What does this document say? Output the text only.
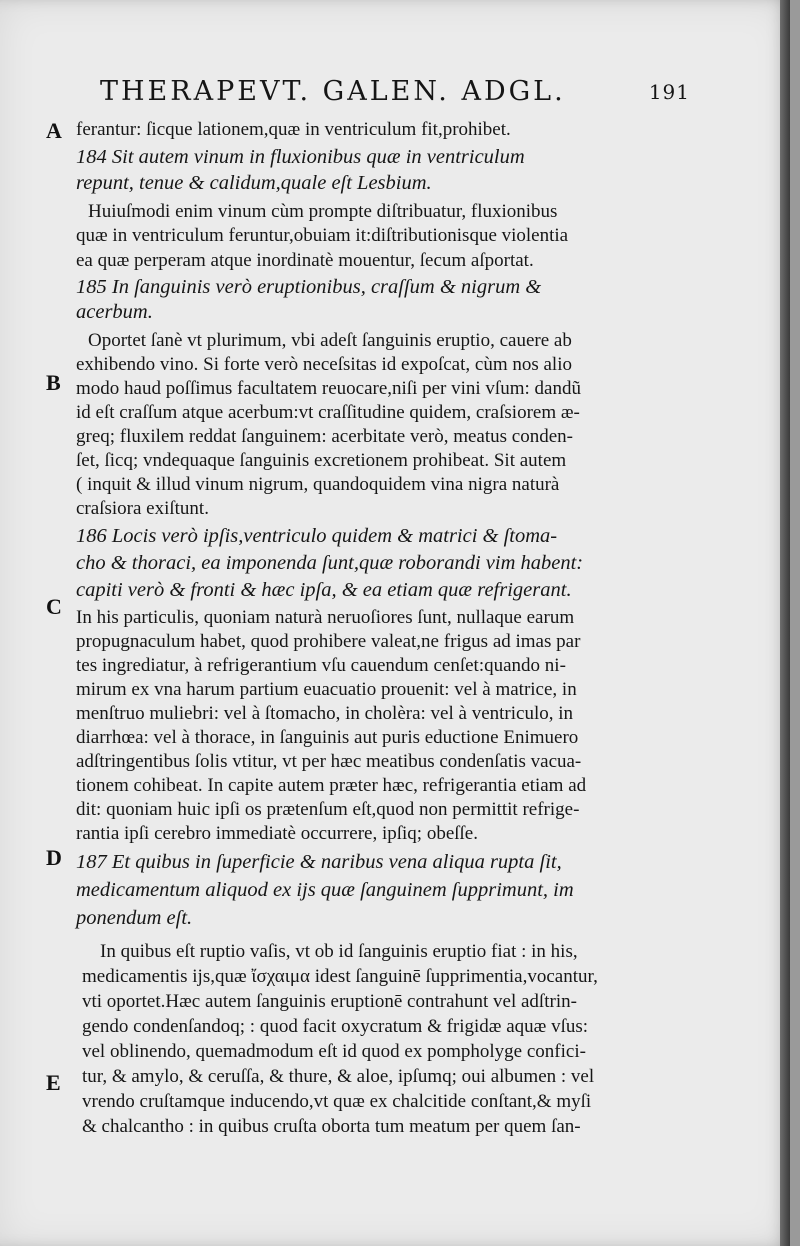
THERAPEVT. GALEN. ADGL.	191
A
B
C
D
E
ferantur: ſicque lationem,quæ in ventriculum fit,prohibet.
184 Sit autem vinum in fluxionibus quæ in ventriculum
repunt, tenue & calidum,quale eſt Lesbium.
Huiuſmodi enim vinum cùm prompte diſtribuatur, fluxionibus
quæ in ventriculum feruntur,obuiam it:diſtributionisque violentia
ea quæ perperam atque inordinatè mouentur, ſecum aſportat.
185 In ſanguinis verò eruptionibus, craſſum & nigrum &
acerbum.
Oportet ſanè vt plurimum, vbi adeſt ſanguinis eruptio, cauere ab
exhibendo vino. Si forte verò neceſsitas id expoſcat, cùm nos alio
modo haud poſſimus facultatem reuocare,niſi per vini vſum: dandũ
id eſt craſſum atque acerbum:vt craſſitudine quidem, craſsiorem æ-
greq; fluxilem reddat ſanguinem: acerbitate verò, meatus conden-
ſet, ſicq; vndequaque ſanguinis excretionem prohibeat. Sit autem
( inquit & illud vinum nigrum, quandoquidem vina nigra naturà
craſsiora exiſtunt.
186 Locis verò ipſis,ventriculo quidem & matrici & ſtoma-
cho & thoraci, ea imponenda ſunt,quæ roborandi vim habent:
capiti verò & fronti & hæc ipſa, & ea etiam quæ refrigerant.
In his particulis, quoniam naturà neruoſiores ſunt, nullaque earum
propugnaculum habet, quod prohibere valeat,ne frigus ad imas par
tes ingrediatur, à refrigerantium vſu cauendum cenſet:quando ni-
mirum ex vna harum partium euacuatio prouenit: vel à matrice, in
menſtruo muliebri: vel à ſtomacho, in cholèra: vel à ventriculo, in
diarrhœa: vel à thorace, in ſanguinis aut puris eductione Enimuero
adſtringentibus ſolis vtitur, vt per hæc meatibus condenſatis vacua-
tionem cohibeat. In capite autem præter hæc, refrigerantia etiam ad
dit: quoniam huic ipſi os prætenſum eſt,quod non permittit refrige-
rantia ipſi cerebro immediatè occurrere, ipſiq; obeſſe.
187 Et quibus in ſuperficie & naribus vena aliqua rupta ſit,
medicamentum aliquod ex ijs quæ ſanguinem ſupprimunt, im
ponendum eſt.
In quibus eſt ruptio vaſis, vt ob id ſanguinis eruptio fiat : in his,
medicamentis ijs,quæ ἴσχαιμα idest ſanguinē ſupprimentia,vocantur,
vti oportet.Hæc autem ſanguinis eruptionē contrahunt vel adſtrin-
gendo condenſandoq; : quod facit oxycratum & frigidæ aquæ vſus:
vel oblinendo, quemadmodum eſt id quod ex pompholyge confici-
tur, & amylo, & ceruſſa, & thure, & aloe, ipſumq; oui albumen : vel
vrendo cruſtamque inducendo,vt quæ ex chalcitide conſtant,& myſi
& chalcantho : in quibus cruſta oborta tum meatum per quem ſan-
